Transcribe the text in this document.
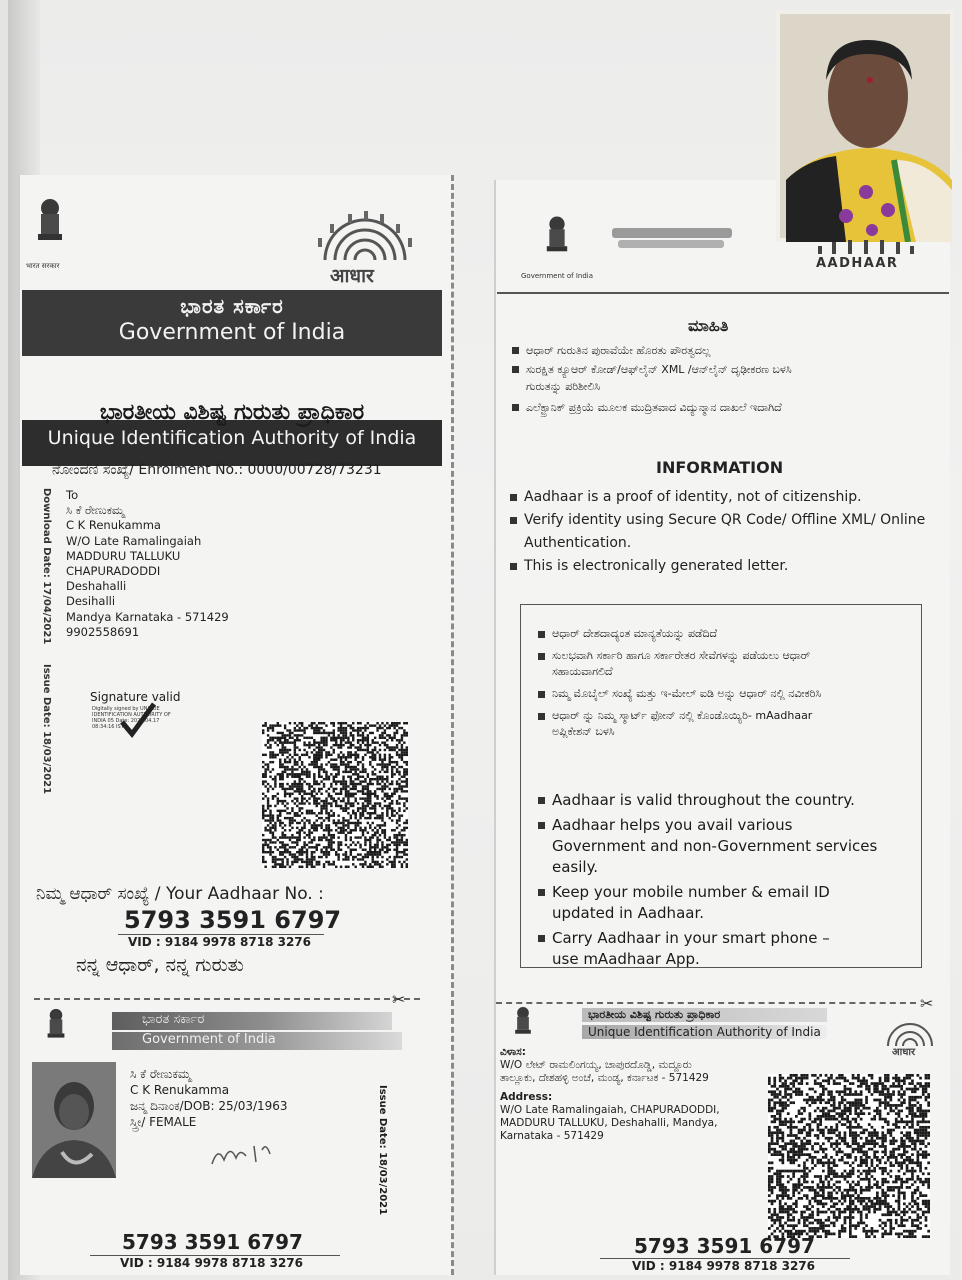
भारत सरकार	आधार
ಭಾರತ ಸರ್ಕಾರ
Government of India
ಭಾರತೀಯ ವಿಶಿಷ್ಟ ಗುರುತು ಪ್ರಾಧಿಕಾರ
Unique Identification Authority of India
ನೋಂದಣಿ ಸಂಖ್ಯೆ/ Enrolment No.: 0000/00728/73231
Download Date: 17/04/2021
Issue Date: 18/03/2021
To
ಸಿ ಕೆ ರೇಣುಕಮ್ಮ
C K Renukamma
W/O Late Ramalingaiah
MADDURU TALLUKU
CHAPURADODDI
Deshahalli
Desihalli
Mandya Karnataka - 571429
9902558691
Signature valid
Digitally signed by UNIQUE IDENTIFICATION AUTHORITY OF INDIA 05 Date: 2021.04.17 08:34:16 IST
ನಿಮ್ಮ ಆಧಾರ್ ಸಂಖ್ಯೆ / Your Aadhaar No. :
5793 3591 6797
VID : 9184 9978 8718 3276
ನನ್ನ ಆಧಾರ್, ನನ್ನ ಗುರುತು
✂
ಭಾರತ ಸರ್ಕಾರ
Government of India
ಸಿ ಕೆ ರೇಣುಕಮ್ಮ
C K Renukamma
ಜನ್ಮ ದಿನಾಂಕ/DOB: 25/03/1963
ಸ್ತ್ರೀ/ FEMALE	Issue Date: 18/03/2021
5793 3591 6797
VID : 9184 9978 8718 3276
Government of India
AADHAAR
ಮಾಹಿತಿ
ಆಧಾರ್ ಗುರುತಿನ ಪುರಾವೆಯೇ ಹೊರತು ಪೌರತ್ವದಲ್ಲ
ಸುರಕ್ಷಿತ ಕ್ಯೂಆರ್ ಕೋಡ್/ಆಫ್‌ಲೈನ್ XML /ಆನ್‌ಲೈನ್ ದೃಢೀಕರಣ ಬಳಸಿ ಗುರುತನ್ನು ಪರಿಶೀಲಿಸಿ
ಎಲೆಕ್ಟ್ರಾನಿಕ್ ಪ್ರಕ್ರಿಯೆ ಮೂಲಕ ಮುದ್ರಿತವಾದ ವಿದ್ಯುನ್ಮಾನ ದಾಖಲೆ ಇದಾಗಿದೆ
INFORMATION
Aadhaar is a proof of identity, not of citizenship.
Verify identity using Secure QR Code/ Offline XML/ Online Authentication.
This is electronically generated letter.
ಆಧಾರ್ ದೇಶದಾದ್ಯಂತ ಮಾನ್ಯತೆಯನ್ನು ಪಡೆದಿದೆ
ಸುಲಭವಾಗಿ ಸರ್ಕಾರಿ ಹಾಗೂ ಸರ್ಕಾರೇತರ ಸೇವೆಗಳನ್ನು ಪಡೆಯಲು ಆಧಾರ್ ಸಹಾಯವಾಗಲಿದೆ
ನಿಮ್ಮ ಮೊಬೈಲ್ ಸಂಖ್ಯೆ ಮತ್ತು ಇ-ಮೇಲ್ ಐಡಿ ಅನ್ನು ಆಧಾರ್ ನಲ್ಲಿ ನವೀಕರಿಸಿ
ಆಧಾರ್ ನ್ನು ನಿಮ್ಮ ಸ್ಮಾರ್ಟ್ ಫೋನ್ ನಲ್ಲಿ ಕೊಂಡೊಯ್ಯಿರಿ- mAadhaar ಅಪ್ಲಿಕೇಶನ್ ಬಳಸಿ
Aadhaar is valid throughout the country.
Aadhaar helps you avail various Government and non-Government services easily.
Keep your mobile number & email ID updated in Aadhaar.
Carry Aadhaar in your smart phone – use mAadhaar App.
✂
ಭಾರತೀಯ ವಿಶಿಷ್ಟ ಗುರುತು ಪ್ರಾಧಿಕಾರ
Unique Identification Authority of India
आधार
ವಿಳಾಸ:
W/O ಲೇಟ್ ರಾಮಲಿಂಗಯ್ಯ, ಚಾಪುರದೊಡ್ಡಿ, ಮದ್ದೂರು ತಾಲ್ಲೂಕು, ದೇಶಹಳ್ಳಿ ಅಂಚೆ, ಮಂಡ್ಯ, ಕರ್ನಾಟಕ - 571429
Address:
W/O Late Ramalingaiah, CHAPURADODDI, MADDURU TALLUKU, Deshahalli, Mandya, Karnataka - 571429
5793 3591 6797
VID : 9184 9978 8718 3276
